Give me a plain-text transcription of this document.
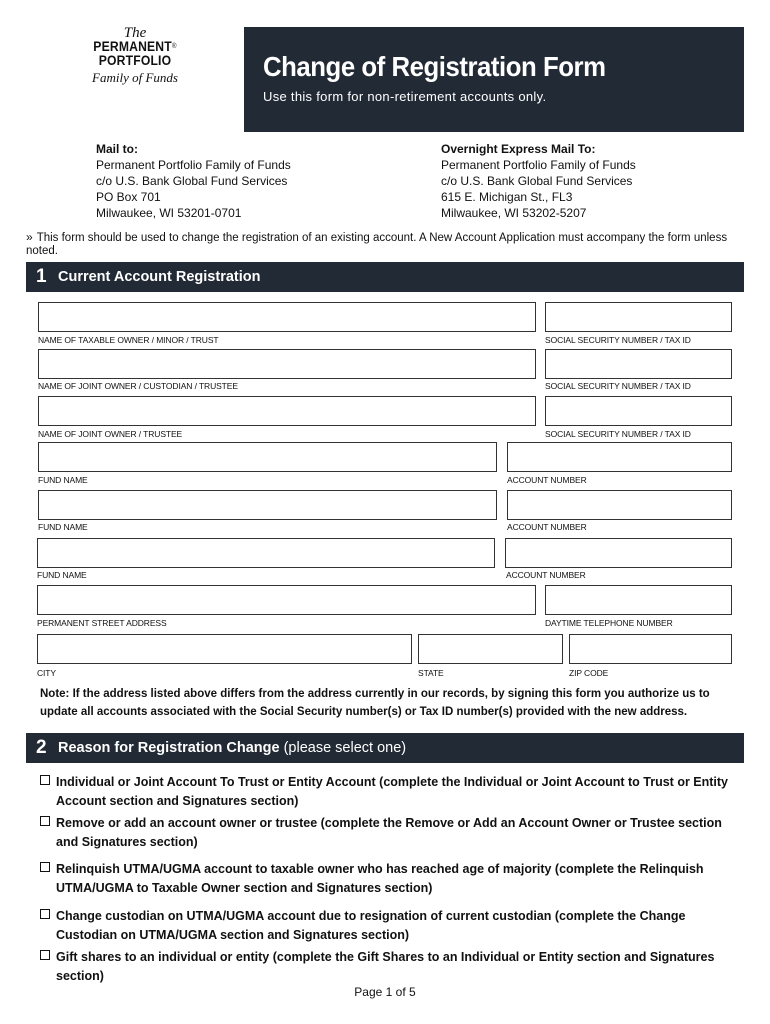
The
PERMANENT®
PORTFOLIO
Family of Funds	Change of Registration Form
Use this form for non-retirement accounts only.
Mail to:
Permanent Portfolio Family of Funds
c/o U.S. Bank Global Fund Services
PO Box 701
Milwaukee, WI 53201-0701
Overnight Express Mail To:
Permanent Portfolio Family of Funds
c/o U.S. Bank Global Fund Services
615 E. Michigan St., FL3
Milwaukee, WI 53202-5207
» This form should be used to change the registration of an existing account. A New Account Application must accompany the form unless noted.
1 Current Account Registration
NAME OF TAXABLE OWNER / MINOR / TRUST	SOCIAL SECURITY NUMBER / TAX ID
NAME OF JOINT OWNER / CUSTODIAN / TRUSTEE	SOCIAL SECURITY NUMBER / TAX ID
NAME OF JOINT OWNER / TRUSTEE	SOCIAL SECURITY NUMBER / TAX ID
FUND NAME	ACCOUNT NUMBER
FUND NAME	ACCOUNT NUMBER
FUND NAME	ACCOUNT NUMBER
PERMANENT STREET ADDRESS	DAYTIME TELEPHONE NUMBER
CITY	STATE	ZIP CODE
Note: If the address listed above differs from the address currently in our records, by signing this form you authorize us to update all accounts associated with the Social Security number(s) or Tax ID number(s) provided with the new address.
2 Reason for Registration Change (please select one)
Individual or Joint Account To Trust or Entity Account (complete the Individual or Joint Account to Trust or Entity
Account section and Signatures section)
Remove or add an account owner or trustee (complete the Remove or Add an Account Owner or Trustee section
and Signatures section)
Relinquish UTMA/UGMA account to taxable owner who has reached age of majority (complete the Relinquish
UTMA/UGMA to Taxable Owner section and Signatures section)
Change custodian on UTMA/UGMA account due to resignation of current custodian (complete the Change
Custodian on UTMA/UGMA section and Signatures section)
Gift shares to an individual or entity (complete the Gift Shares to an Individual or Entity section and Signatures
section)
Page 1 of 5
